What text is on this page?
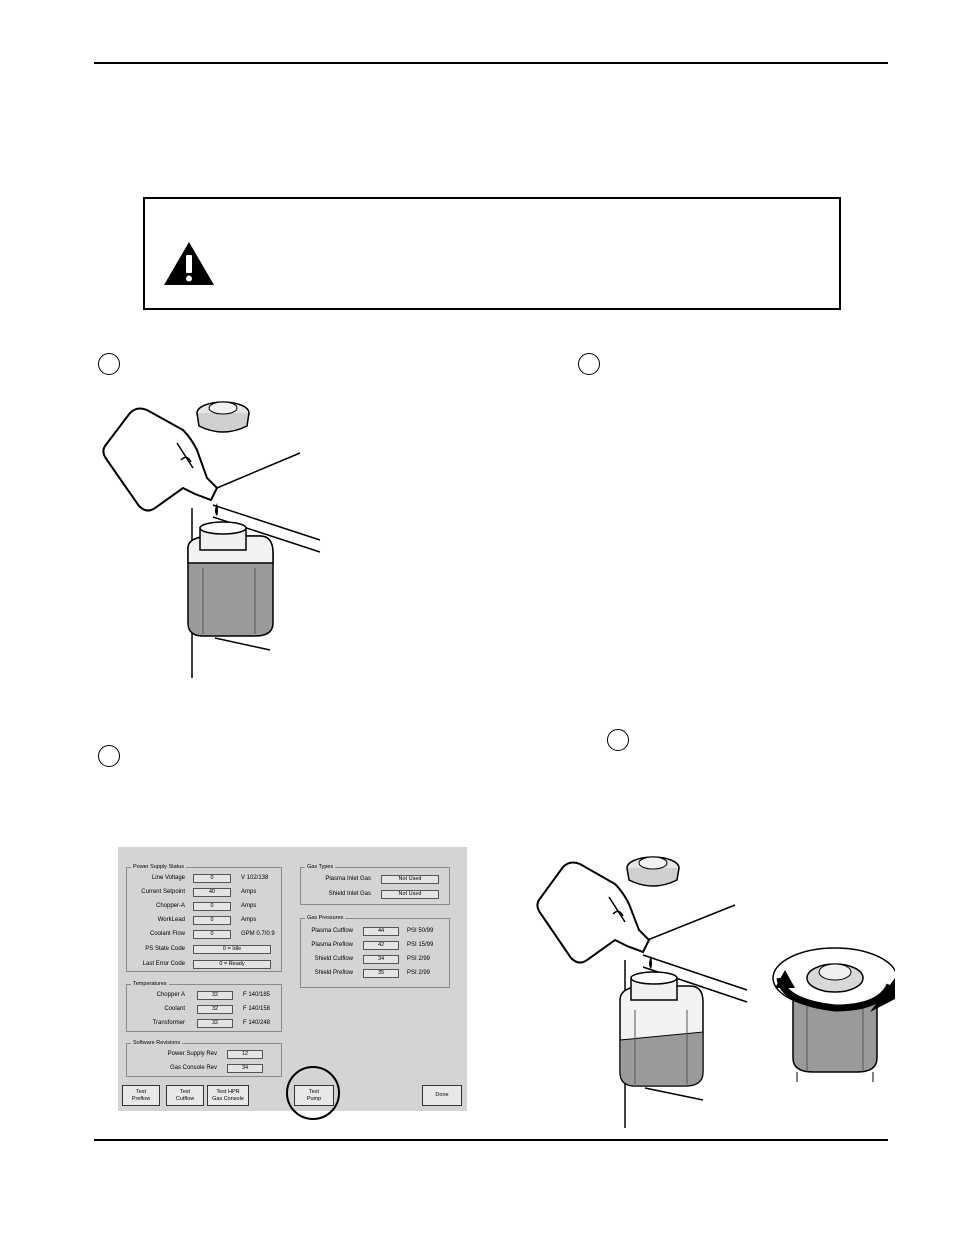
Power Supply Status
Line Voltage	0	V 102/138
Current Setpoint	40	Amps
Chopper-A	0	Amps
WorkLead	0	Amps
Coolant Flow	0	GPM 0.7/0.9
PS State Code	0 = Idle
Last Error Code	0 = Ready
Temperatures
Chopper A	32	F 140/185
Coolant	32	F 140/158
Transformer	32	F 140/248
Software Revisions
Power Supply Rev	12
Gas Console Rev	34
Gas Types
Plasma Inlet Gas	Not Used
Shield Inlet Gas	Not Used
Gas Pressures
Plasma Cutflow	44	PSI 50/99
Plasma Preflow	42	PSI 15/99
Shield Cutflow	34	PSI 2/99
Shield Preflow	35	PSI 2/99
Test
Preflow
Test
Cutflow
Test HPR
Gas Console
Test
Pump
Done
